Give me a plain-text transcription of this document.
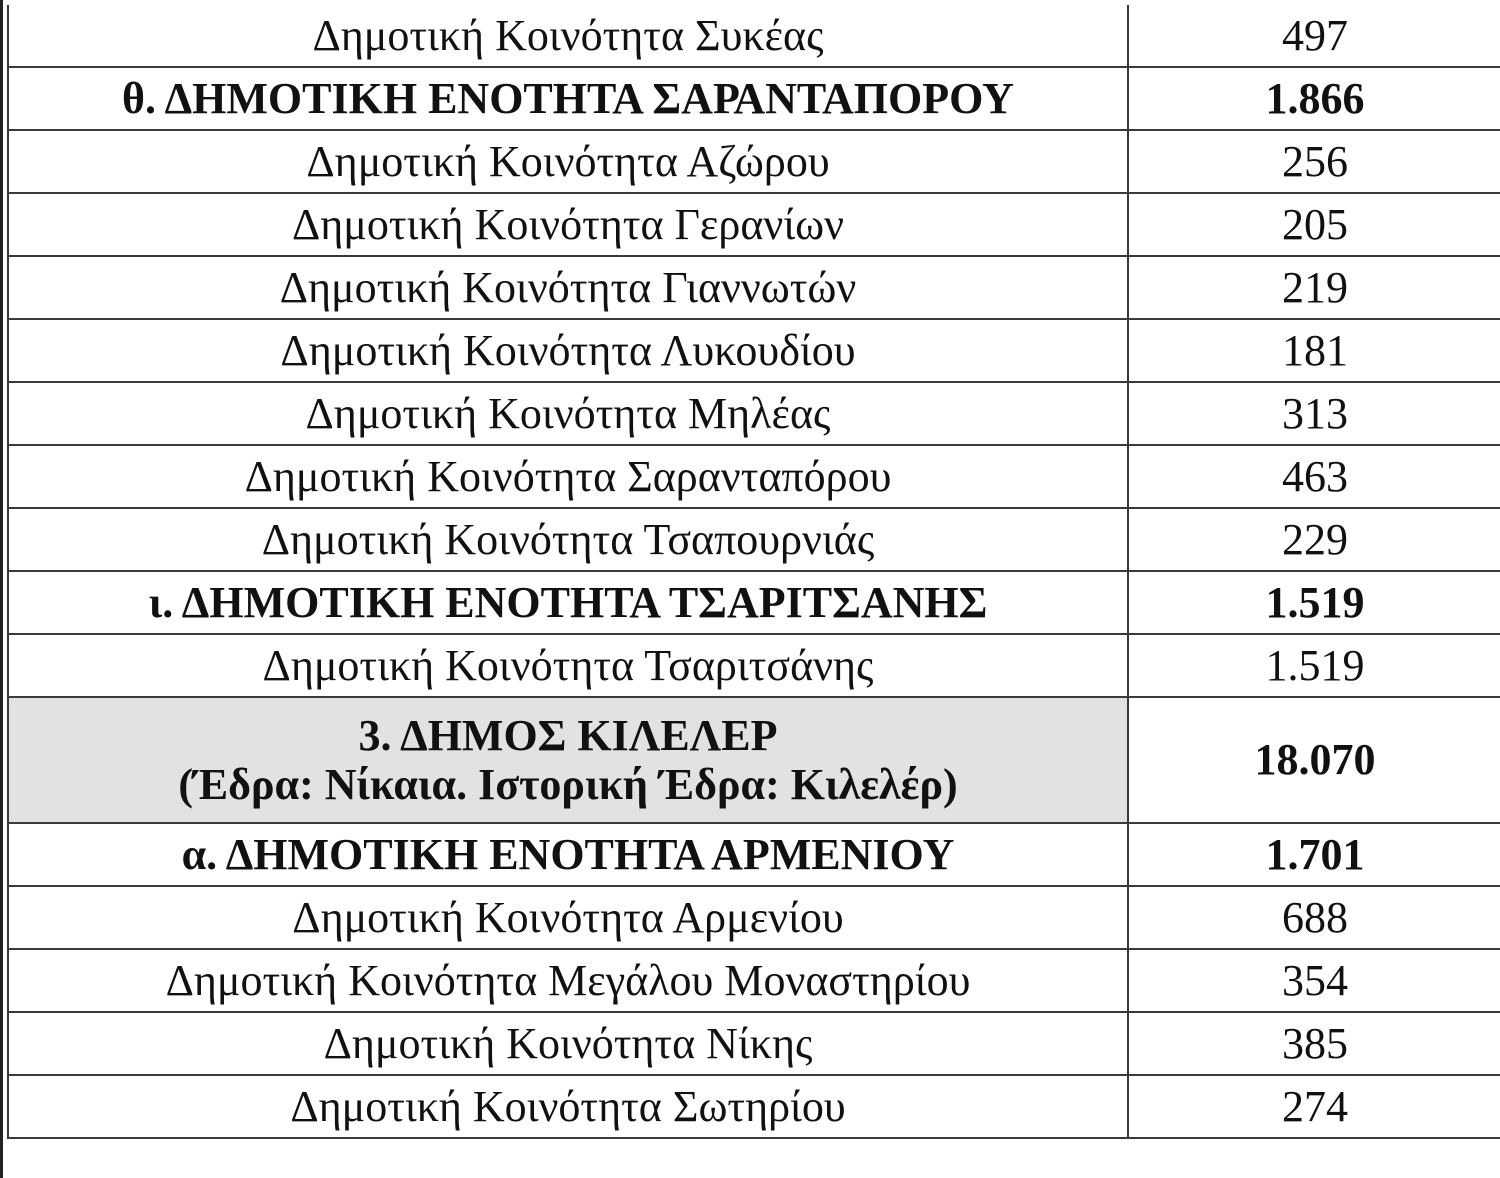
Δημοτική Κοινότητα Συκέας	497
θ. ΔΗΜΟΤΙΚΗ ΕΝΟΤΗΤΑ ΣΑΡΑΝΤΑΠΟΡΟΥ	1.866
Δημοτική Κοινότητα Αζώρου	256
Δημοτική Κοινότητα Γερανίων	205
Δημοτική Κοινότητα Γιαννωτών	219
Δημοτική Κοινότητα Λυκουδίου	181
Δημοτική Κοινότητα Μηλέας	313
Δημοτική Κοινότητα Σαρανταπόρου	463
Δημοτική Κοινότητα Τσαπουρνιάς	229
ι. ΔΗΜΟΤΙΚΗ ΕΝΟΤΗΤΑ ΤΣΑΡΙΤΣΑΝΗΣ	1.519
Δημοτική Κοινότητα Τσαριτσάνης	1.519

3. ΔΗΜΟΣ ΚΙΛΕΛΕΡ
(Έδρα: Νίκαια. Ιστορική Έδρα: Κιλελέρ)	18.070
α. ΔΗΜΟΤΙΚΗ ΕΝΟΤΗΤΑ ΑΡΜΕΝΙΟΥ	1.701
Δημοτική Κοινότητα Αρμενίου	688
Δημοτική Κοινότητα Μεγάλου Μοναστηρίου	354
Δημοτική Κοινότητα Νίκης	385
Δημοτική Κοινότητα Σωτηρίου	274
